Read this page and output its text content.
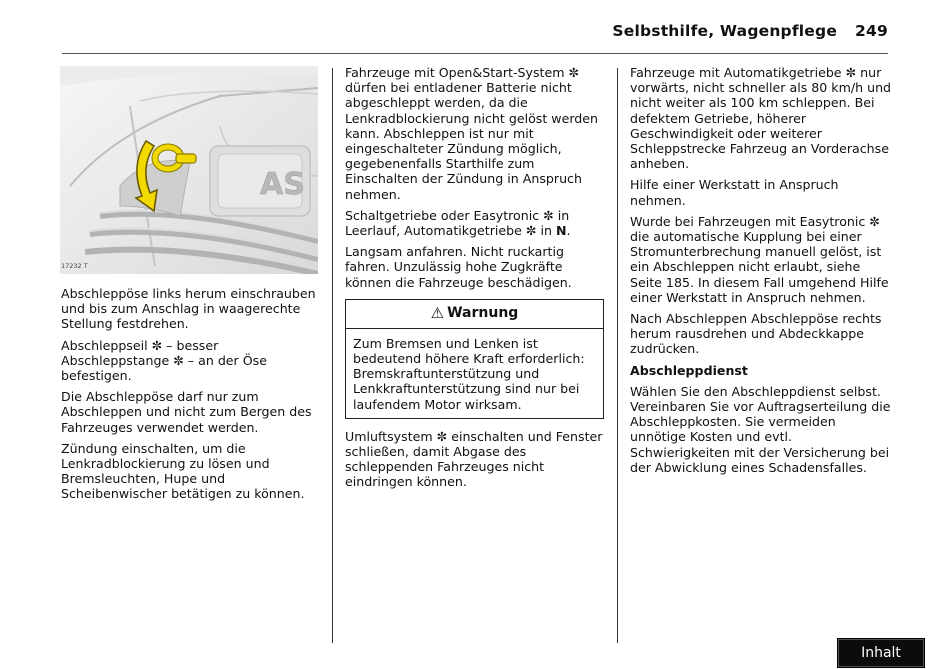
Selbsthilfe, Wagenpflege 249
AS
17232 T

Abschleppöse links herum einschrauben und bis zum Anschlag in waagerechte Stellung festdrehen.

Abschleppseil ✼ – besser Abschleppstange ✼ – an der Öse befestigen.

Die Abschleppöse darf nur zum Abschleppen und nicht zum Bergen des Fahrzeuges verwendet werden.

Zündung einschalten, um die Lenkradblockierung zu lösen und Bremsleuchten, Hupe und Scheibenwischer betätigen zu können.

Fahrzeuge mit Open&Start-System ✼ dürfen bei entladener Batterie nicht abgeschleppt werden, da die Lenkradblockierung nicht gelöst werden kann. Abschleppen ist nur mit eingeschalteter Zündung möglich, gegebenenfalls Starthilfe zum Einschalten der Zündung in Anspruch nehmen.

Schaltgetriebe oder Easytronic ✼ in Leerlauf, Automatikgetriebe ✼ in N.

Langsam anfahren. Nicht ruckartig fahren. Unzulässig hohe Zugkräfte können die Fahrzeuge beschädigen.

⚠ Warnung
Zum Bremsen und Lenken ist bedeutend höhere Kraft erforderlich: Bremskraftunterstützung und Lenkkraftunterstützung sind nur bei laufendem Motor wirksam.

Umluftsystem ✼ einschalten und Fenster schließen, damit Abgase des schleppenden Fahrzeuges nicht eindringen können.

Fahrzeuge mit Automatikgetriebe ✼ nur vorwärts, nicht schneller als 80 km/h und nicht weiter als 100 km schleppen. Bei defektem Getriebe, höherer Geschwindigkeit oder weiterer Schleppstrecke Fahrzeug an Vorderachse anheben.

Hilfe einer Werkstatt in Anspruch nehmen.

Wurde bei Fahrzeugen mit Easytronic ✼ die automatische Kupplung bei einer Stromunterbrechung manuell gelöst, ist ein Abschleppen nicht erlaubt, siehe Seite 185. In diesem Fall umgehend Hilfe einer Werkstatt in Anspruch nehmen.

Nach Abschleppen Abschleppöse rechts herum rausdrehen und Abdeckkappe zudrücken.

Abschleppdienst

Wählen Sie den Abschleppdienst selbst. Vereinbaren Sie vor Auftragserteilung die Abschleppkosten. Sie vermeiden unnötige Kosten und evtl. Schwierigkeiten mit der Versicherung bei der Abwicklung eines Schadensfalles.

Inhalt
